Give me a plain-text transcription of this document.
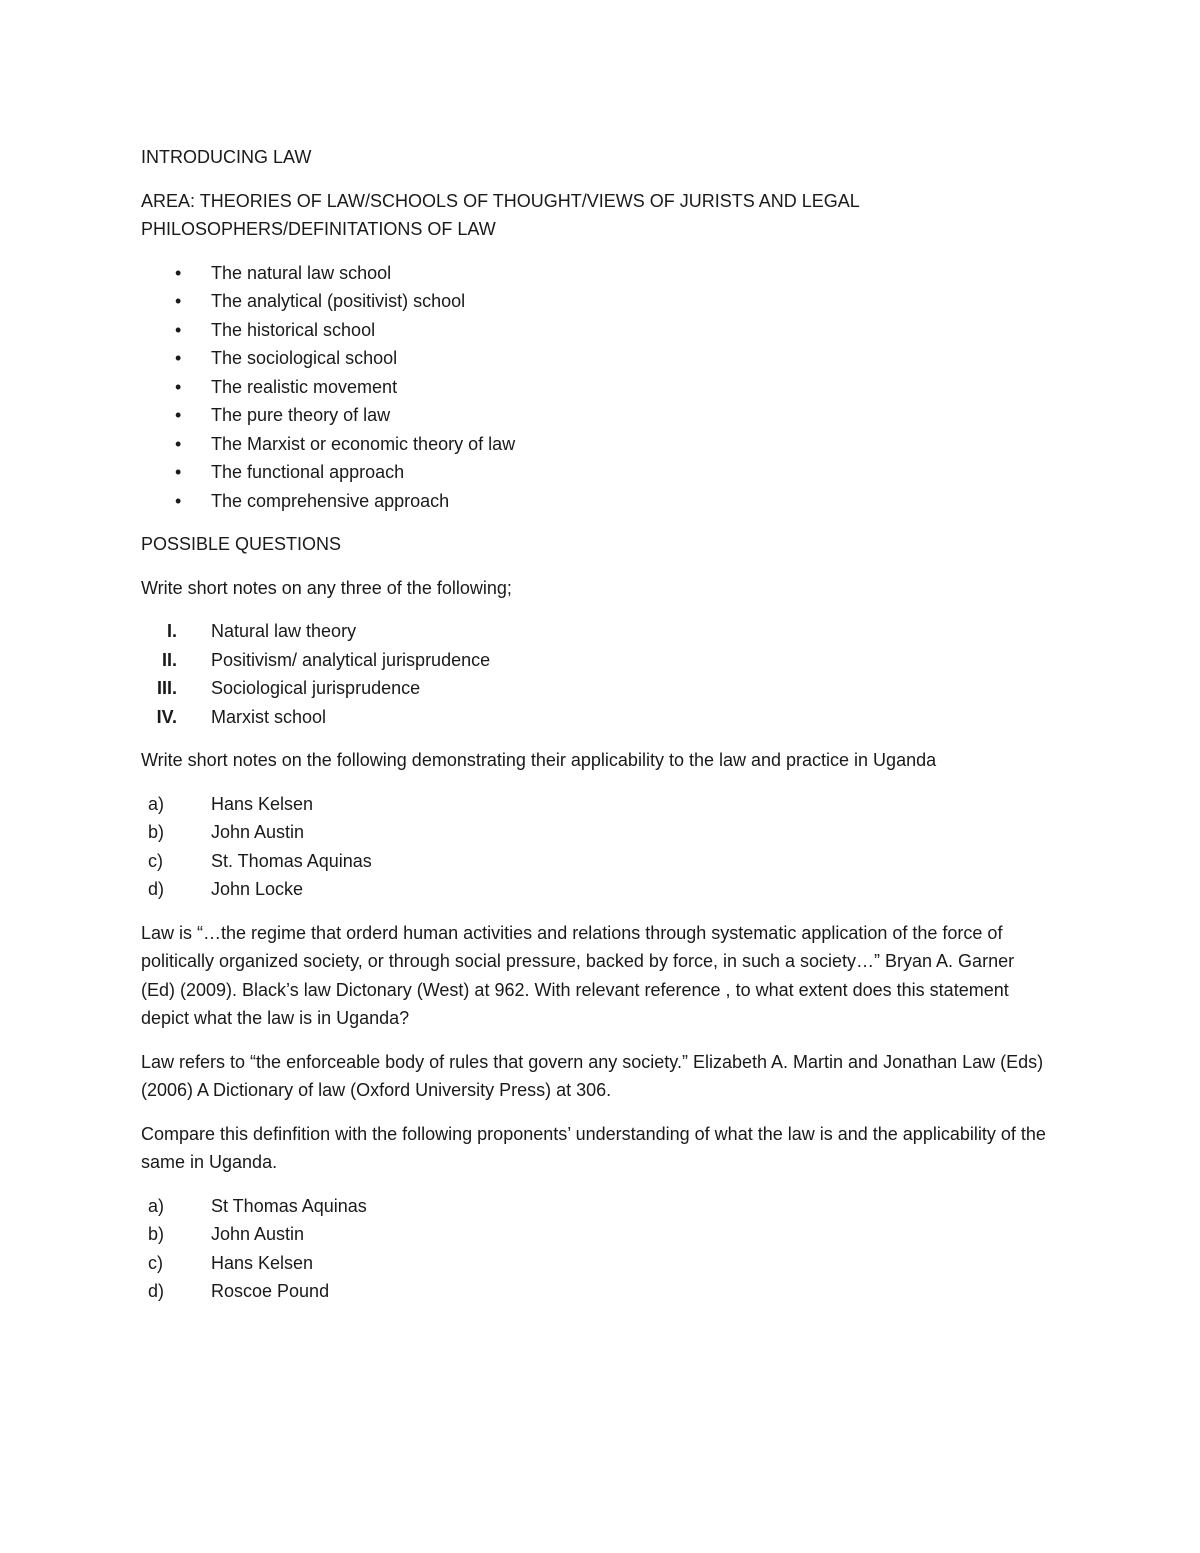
INTRODUCING LAW

AREA: THEORIES OF LAW/SCHOOLS OF THOUGHT/VIEWS OF JURISTS AND LEGAL
PHILOSOPHERS/DEFINITATIONS OF LAW

• The natural law school
• The analytical (positivist) school
• The historical school
• The sociological school
• The realistic movement
• The pure theory of law
• The Marxist or economic theory of law
• The functional approach
• The comprehensive approach

POSSIBLE QUESTIONS

Write short notes on any three of the following;

I. Natural law theory
II. Positivism/ analytical jurisprudence
III. Sociological jurisprudence
IV. Marxist school

Write short notes on the following demonstrating their applicability to the law and practice in Uganda

a)	Hans Kelsen
b)	John Austin
c)	St. Thomas Aquinas
d)	John Locke

Law is “…the regime that orderd human activities and relations through systematic application of the force of politically organized society, or through social pressure, backed by force, in such a society…” Bryan A. Garner (Ed) (2009). Black’s law Dictonary (West) at 962. With relevant reference , to what extent does this statement depict what the law is in Uganda?

Law refers to “the enforceable body of rules that govern any society.” Elizabeth A. Martin and Jonathan Law (Eds) (2006) A Dictionary of law (Oxford University Press) at 306.

Compare this definfition with the following proponents’ understanding of what the law is and the applicability of the same in Uganda.

a)	St Thomas Aquinas
b)	John Austin
c)	Hans Kelsen
d)	Roscoe Pound
